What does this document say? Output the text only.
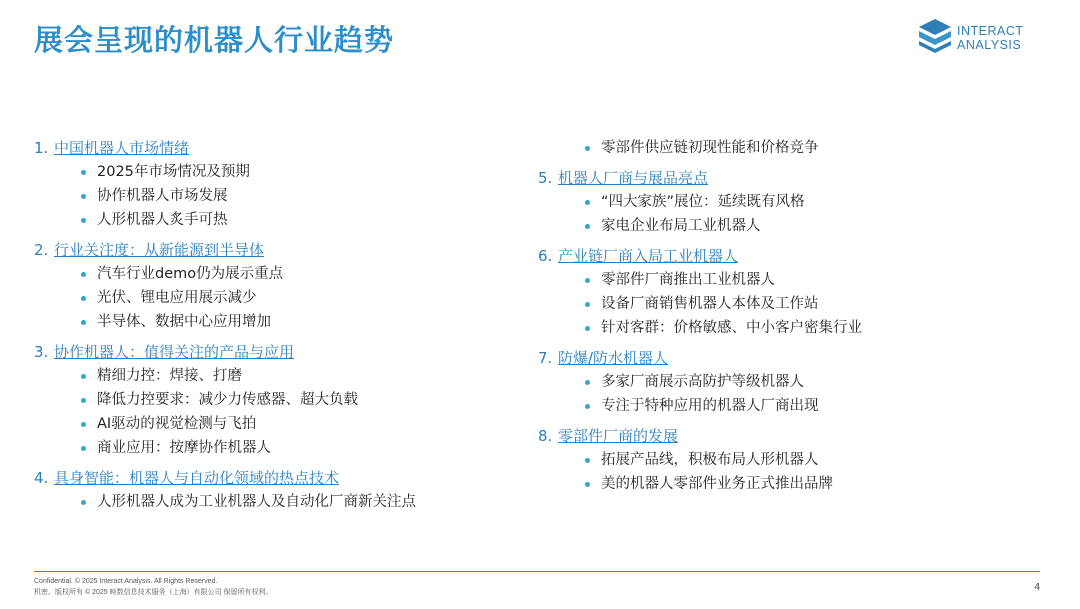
展会呈现的机器人行业趋势	INTERACT
ANALYSIS
1. 中国机器人市场情绪
2025年市场情况及预期
协作机器人市场发展
人形机器人炙手可热
2. 行业关注度：从新能源到半导体
汽车行业demo仍为展示重点
光伏、锂电应用展示减少
半导体、数据中心应用增加
3. 协作机器人：值得关注的产品与应用
精细力控：焊接、打磨
降低力控要求：减少力传感器、超大负载
AI驱动的视觉检测与飞拍
商业应用：按摩协作机器人
4. 具身智能：机器人与自动化领域的热点技术
人形机器人成为工业机器人及自动化厂商新关注点
零部件供应链初现性能和价格竞争
5. 机器人厂商与展品亮点
“四大家族”展位：延续既有风格
家电企业布局工业机器人
6. 产业链厂商入局工业机器人
零部件厂商推出工业机器人
设备厂商销售机器人本体及工作站
针对客群：价格敏感、中小客户密集行业
7. 防爆/防水机器人
多家厂商展示高防护等级机器人
专注于特种应用的机器人厂商出现
8. 零部件厂商的发展
拓展产品线，积极布局人形机器人
美的机器人零部件业务正式推出品牌
Confidential. © 2025 Interact Analysis. All Rights Reserved.
机密。版权所有 © 2025 映数信息技术服务（上海）有限公司 保留所有权利。	4
